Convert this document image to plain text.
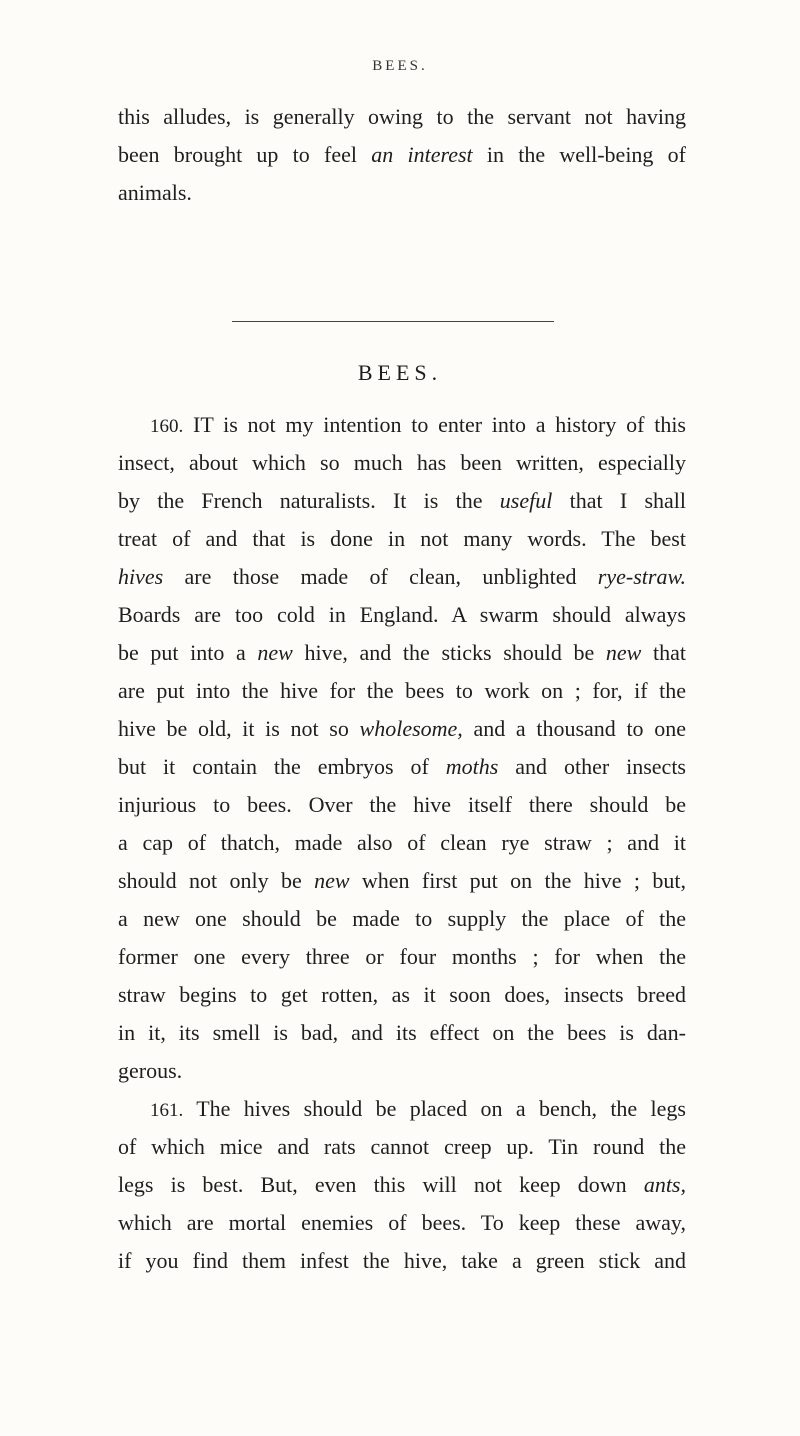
BEES.
this alludes, is generally owing to the servant not having
been brought up to feel an interest in the well-being of
animals.
BEES.
160. IT is not my intention to enter into a history of this
insect, about which so much has been written, especially
by the French naturalists. It is the useful that I shall
treat of and that is done in not many words. The best
hives are those made of clean, unblighted rye-straw.
Boards are too cold in England. A swarm should always
be put into a new hive, and the sticks should be new that
are put into the hive for the bees to work on ; for, if the
hive be old, it is not so wholesome, and a thousand to one
but it contain the embryos of moths and other insects
injurious to bees. Over the hive itself there should be
a cap of thatch, made also of clean rye straw ; and it
should not only be new when first put on the hive ; but,
a new one should be made to supply the place of the
former one every three or four months ; for when the
straw begins to get rotten, as it soon does, insects breed
in it, its smell is bad, and its effect on the bees is dan-
gerous.
161. The hives should be placed on a bench, the legs
of which mice and rats cannot creep up. Tin round the
legs is best. But, even this will not keep down ants,
which are mortal enemies of bees. To keep these away,
if you find them infest the hive, take a green stick and
